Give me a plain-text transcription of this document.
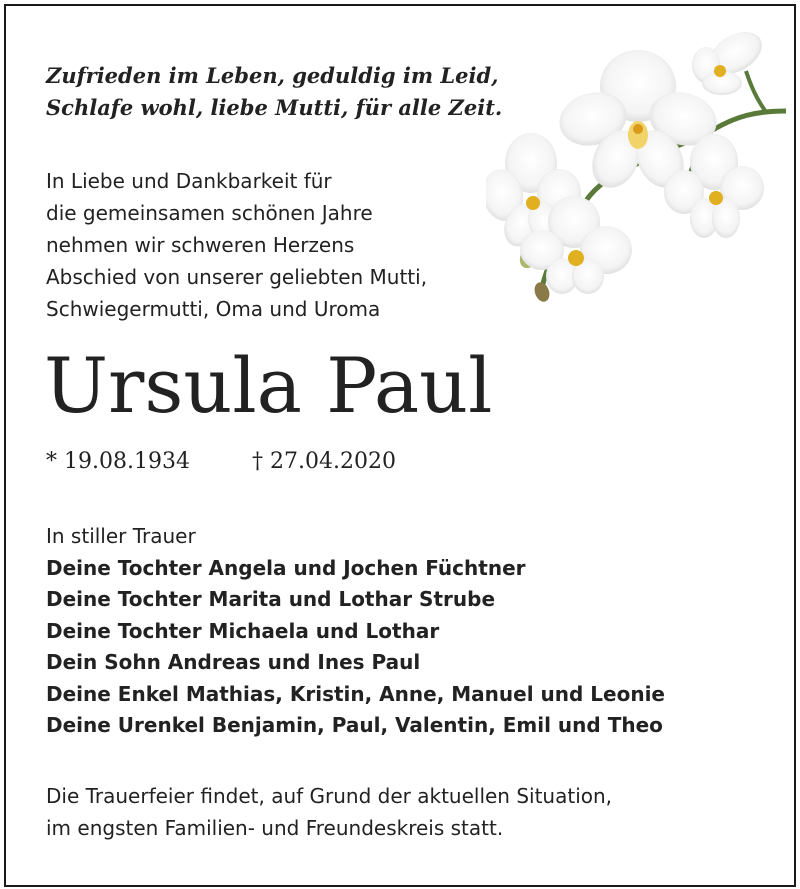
Zufrieden im Leben, geduldig im Leid,
Schlafe wohl, liebe Mutti, für alle Zeit.
In Liebe und Dankbarkeit für
die gemeinsamen schönen Jahre
nehmen wir schweren Herzens
Abschied von unserer geliebten Mutti,
Schwiegermutti, Oma und Uroma
Ursula Paul
* 19.08.1934	† 27.04.2020
In stiller Trauer
Deine Tochter Angela und Jochen Füchtner
Deine Tochter Marita und Lothar Strube
Deine Tochter Michaela und Lothar
Dein Sohn Andreas und Ines Paul
Deine Enkel Mathias, Kristin, Anne, Manuel und Leonie
Deine Urenkel Benjamin, Paul, Valentin, Emil und Theo
Die Trauerfeier findet, auf Grund der aktuellen Situation,
im engsten Familien- und Freundeskreis statt.
